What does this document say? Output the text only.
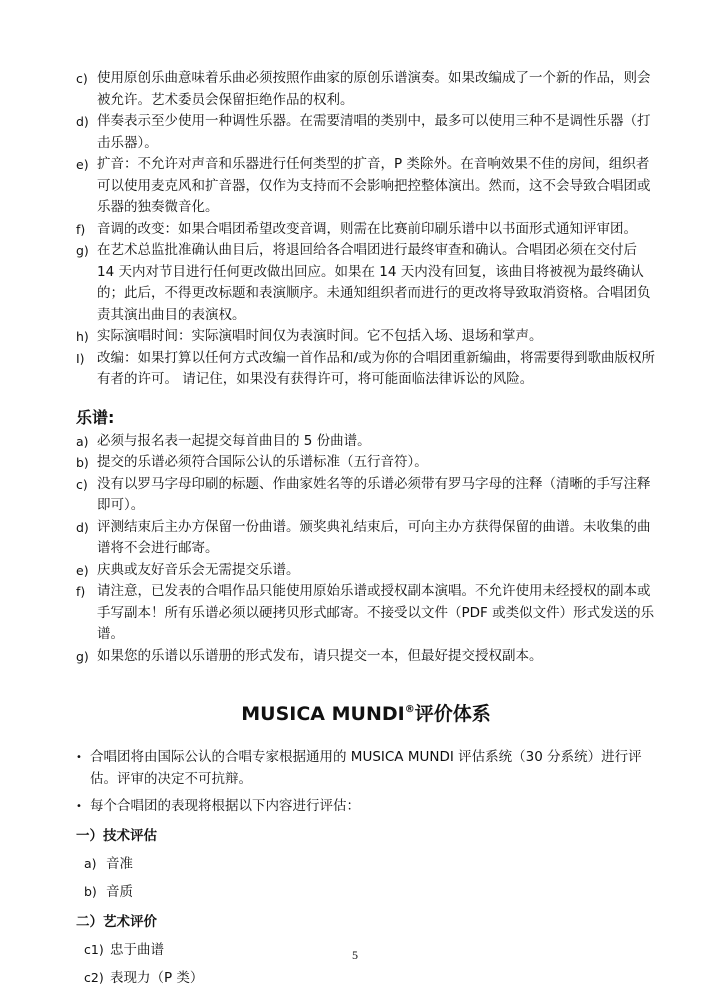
c) 使用原创乐曲意味着乐曲必须按照作曲家的原创乐谱演奏。如果改编成了一个新的作品，则会被允许。艺术委员会保留拒绝作品的权利。
d) 伴奏表示至少使用一种调性乐器。在需要清唱的类别中，最多可以使用三种不是调性乐器（打击乐器）。
e) 扩音：不允许对声音和乐器进行任何类型的扩音，P 类除外。在音响效果不佳的房间，组织者可以使用麦克风和扩音器，仅作为支持而不会影响把控整体演出。然而，这不会导致合唱团或乐器的独奏微音化。
f) 音调的改变：如果合唱团希望改变音调，则需在比赛前印刷乐谱中以书面形式通知评审团。
g) 在艺术总监批准确认曲目后，将退回给各合唱团进行最终审查和确认。合唱团必须在交付后 14 天内对节目进行任何更改做出回应。如果在 14 天内没有回复，该曲目将被视为最终确认的；此后，不得更改标题和表演顺序。未通知组织者而进行的更改将导致取消资格。合唱团负责其演出曲目的表演权。
h) 实际演唱时间：实际演唱时间仅为表演时间。它不包括入场、退场和掌声。
I) 改编：如果打算以任何方式改编一首作品和/或为你的合唱团重新编曲，将需要得到歌曲版权所有者的许可。 请记住，如果没有获得许可，将可能面临法律诉讼的风险。
乐谱:
a) 必须与报名表一起提交每首曲目的 5 份曲谱。
b) 提交的乐谱必须符合国际公认的乐谱标准（五行音符）。
c) 没有以罗马字母印刷的标题、作曲家姓名等的乐谱必须带有罗马字母的注释（清晰的手写注释即可）。
d) 评测结束后主办方保留一份曲谱。颁奖典礼结束后，可向主办方获得保留的曲谱。未收集的曲谱将不会进行邮寄。
e) 庆典或友好音乐会无需提交乐谱。
f) 请注意，已发表的合唱作品只能使用原始乐谱或授权副本演唱。不允许使用未经授权的副本或手写副本！所有乐谱必须以硬拷贝形式邮寄。不接受以文件（PDF 或类似文件）形式发送的乐谱。
g) 如果您的乐谱以乐谱册的形式发布，请只提交一本，但最好提交授权副本。
MUSICA MUNDI®评价体系
• 合唱团将由国际公认的合唱专家根据通用的 MUSICA MUNDI 评估系统（30 分系统）进行评估。评审的决定不可抗辩。
• 每个合唱团的表现将根据以下内容进行评估：
一）技术评估
a) 音准
b) 音质
二）艺术评价
c1) 忠于曲谱
c2) 表现力（P 类）
5
